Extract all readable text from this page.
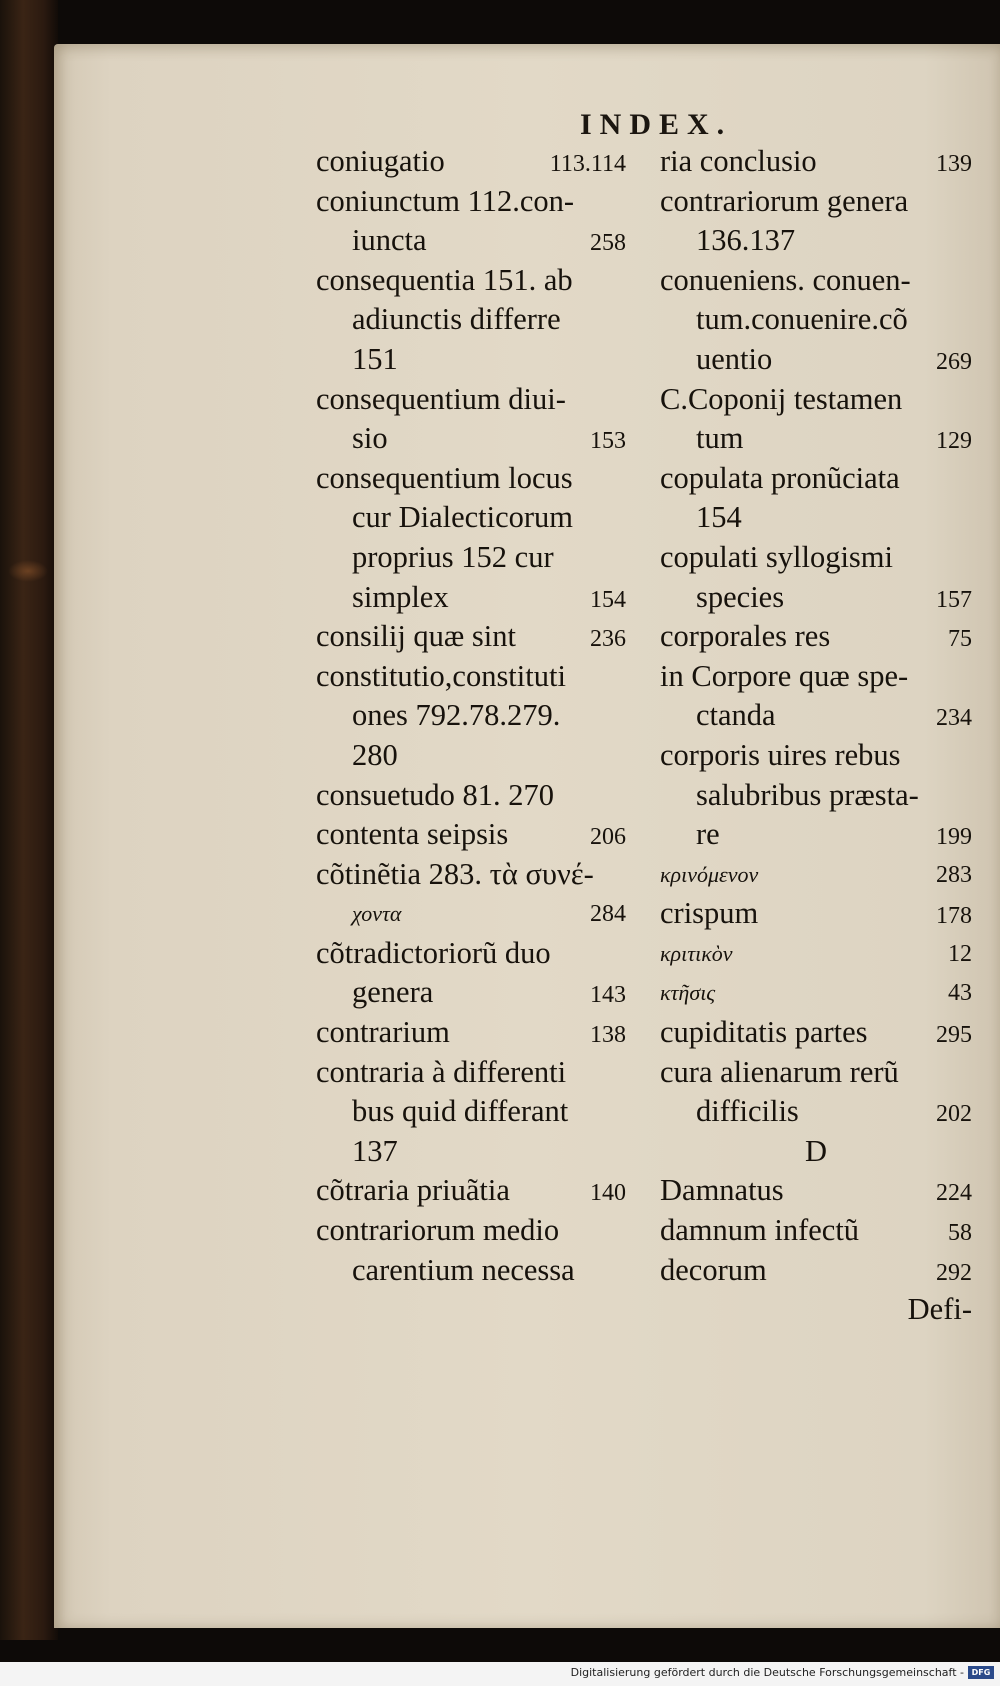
INDEX.
coniugatio	113.114
coniunctum 112.con-
iuncta	258
consequentia 151. ab
adiunctis differre
151
consequentium diui-
sio	153
consequentium locus
cur Dialecticorum
proprius 152 cur
simplex	154
consilij quæ sint	236
constitutio,constituti
ones 792.78.279.
280
consuetudo 81. 270
contenta seipsis	206
cõtinẽtia 283. τὰ συνέ-
χοντα	284
cõtradictoriorũ duo
genera	143
contrarium	138
contraria à differenti
bus quid differant
137
cõtraria priuãtia	140
contrariorum medio
carentium necessa
ria conclusio	139
contrariorum genera
136.137
conueniens. conuen-
tum.conuenire.cõ
uentio	269
C.Coponij testamen
tum	129
copulata pronũciata
154
copulati syllogismi
species	157
corporales res	75
in Corpore quæ spe-
ctanda	234
corporis uires rebus
salubribus præsta-
re	199
κρινόμενον	283
crispum	178
κριτικὸν	12
κτῆσις	43
cupiditatis partes	295
cura alienarum rerũ
difficilis	202
D
Damnatus	224
damnum infectũ	58
decorum	292
Defi-
Digitalisierung gefördert durch die Deutsche Forschungsgemeinschaft - DFG
